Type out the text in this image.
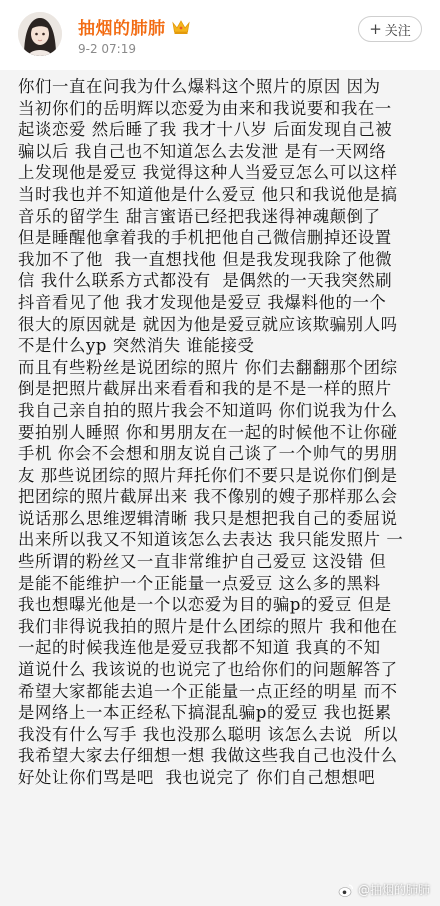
抽烟的肺肺
9-2 07:19
+ 关注
你们一直在问我为什么爆料这个照片的原因 因为
当初你们的岳明辉以恋爱为由来和我说要和我在一
起谈恋爱 然后睡了我 我才十八岁 后面发现自己被
骗以后 我自己也不知道怎么去发泄 是有一天网络
上发现他是爱豆 我觉得这种人当爱豆怎么可以这样
当时我也并不知道他是什么爱豆 他只和我说他是搞
音乐的留学生 甜言蜜语已经把我迷得神魂颠倒了
但是睡醒他拿着我的手机把他自己微信删掉还设置
我加不了他  我一直想找他 但是我发现我除了他微
信 我什么联系方式都没有  是偶然的一天我突然刷
抖音看见了他 我才发现他是爱豆 我爆料他的一个
很大的原因就是 就因为他是爱豆就应该欺骗别人吗
不是什么yp 突然消失 谁能接受
而且有些粉丝是说团综的照片 你们去翻翻那个团综
倒是把照片截屏出来看看和我的是不是一样的照片
我自己亲自拍的照片我会不知道吗 你们说我为什么
要拍别人睡照 你和男朋友在一起的时候他不让你碰
手机 你会不会想和朋友说自己谈了一个帅气的男朋
友 那些说团综的照片拜托你们不要只是说你们倒是
把团综的照片截屏出来 我不像别的嫂子那样那么会
说话那么思维逻辑清晰 我只是想把我自己的委屈说
出来所以我又不知道该怎么去表达 我只能发照片 一
些所谓的粉丝又一直非常维护自己爱豆 这没错 但
是能不能维护一个正能量一点爱豆 这么多的黑料
我也想曝光他是一个以恋爱为目的骗p的爱豆 但是
我们非得说我拍的照片是什么团综的照片 我和他在
一起的时候我连他是爱豆我都不知道 我真的不知
道说什么 我该说的也说完了也给你们的问题解答了
希望大家都能去追一个正能量一点正经的明星 而不
是网络上一本正经私下搞混乱骗p的爱豆 我也挺累
我没有什么写手 我也没那么聪明 该怎么去说  所以
我希望大家去仔细想一想 我做这些我自己也没什么
好处让你们骂是吧  我也说完了 你们自己想想吧
@抽烟的肺肺
